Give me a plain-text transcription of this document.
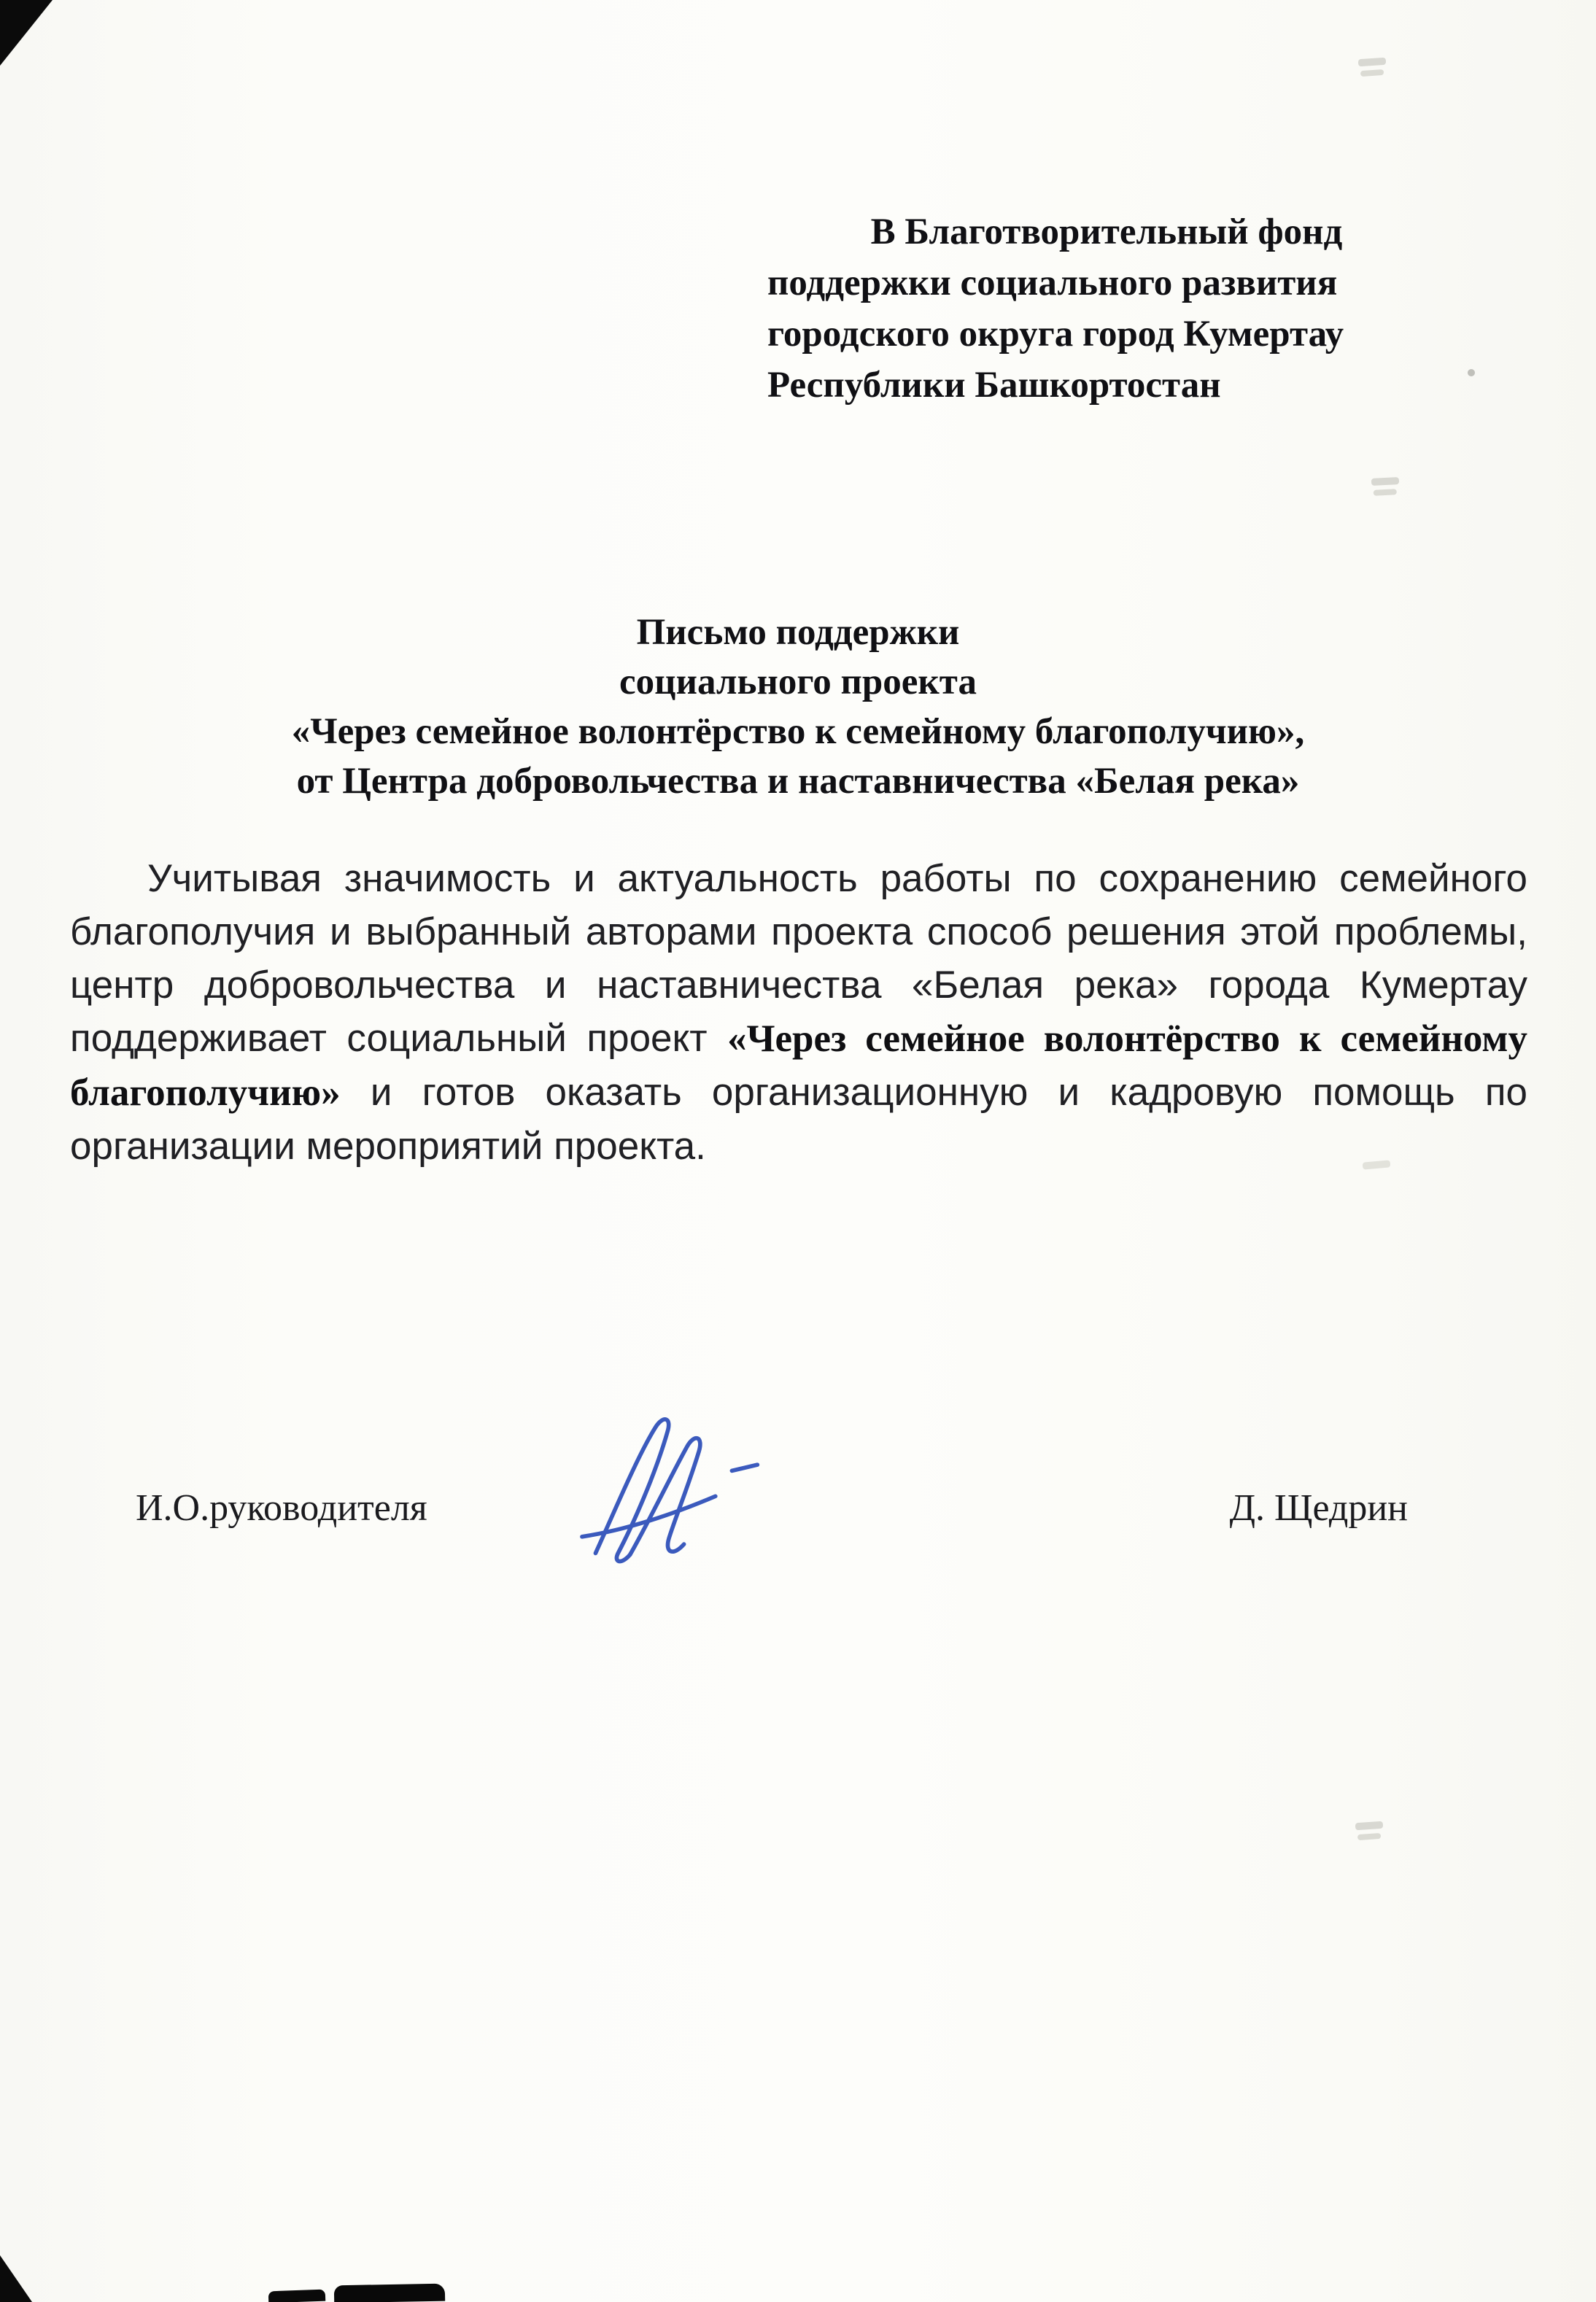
В Благотворительный фонд
поддержки социального развития
городского округа город Кумертау
Республики Башкортостан
Письмо поддержки
социального проекта
«Через семейное волонтёрство к семейному благополучию»,
от Центра добровольчества и наставничества «Белая река»

Учитывая значимость и актуальность работы по сохранению семейного благополучия и выбранный авторами проекта способ решения этой проблемы, центр добровольчества и наставничества «Белая река» города Кумертау поддерживает социальный проект «Через семейное волонтёрство к семейному благополучию» и готов оказать организационную и кадровую помощь по организации мероприятий проекта.

И.О.руководителя	Д. Щедрин
